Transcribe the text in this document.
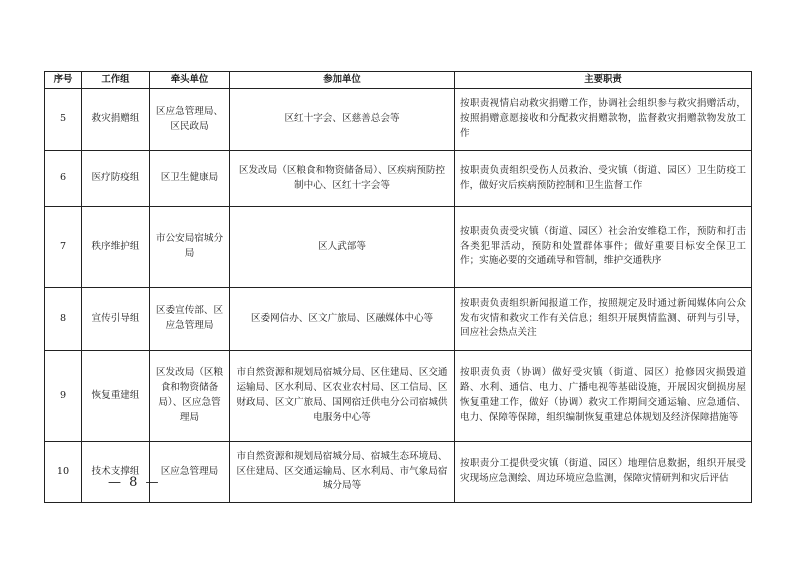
序号	工作组	牵头单位	参加单位	主要职责
5	救灾捐赠组	区应急管理局、区民政局	区红十字会、区慈善总会等	按职责视情启动救灾捐赠工作，协调社会组织参与救灾捐赠活动，按照捐赠意愿接收和分配救灾捐赠款物，监督救灾捐赠款物发放工作
6	医疗防疫组	区卫生健康局	区发改局（区粮食和物资储备局）、区疾病预防控制中心、区红十字会等	按职责负责组织受伤人员救治、受灾镇（街道、园区）卫生防疫工作，做好灾后疾病预防控制和卫生监督工作
7	秩序维护组	市公安局宿城分局	区人武部等	按职责负责受灾镇（街道、园区）社会治安维稳工作，预防和打击各类犯罪活动，预防和处置群体事件；做好重要目标安全保卫工作；实施必要的交通疏导和管制，维护交通秩序
8	宣传引导组	区委宣传部、区应急管理局	区委网信办、区文广旅局、区融媒体中心等	按职责负责组织新闻报道工作，按照规定及时通过新闻媒体向公众发布灾情和救灾工作有关信息；组织开展舆情监测、研判与引导，回应社会热点关注
9	恢复重建组	区发改局（区粮食和物资储备局）、区应急管理局	市自然资源和规划局宿城分局、区住建局、区交通运输局、区水利局、区农业农村局、区工信局、区财政局、区文广旅局、国网宿迁供电分公司宿城供电服务中心等	按职责负责（协调）做好受灾镇（街道、园区）抢修因灾损毁道路、水利、通信、电力、广播电视等基础设施，开展因灾倒损房屋恢复重建工作，做好（协调）救灾工作期间交通运输、应急通信、电力、保障等保障，组织编制恢复重建总体规划及经济保障措施等
10	技术支撑组	区应急管理局	市自然资源和规划局宿城分局、宿城生态环境局、区住建局、区交通运输局、区水利局、市气象局宿城分局等	按职责分工提供受灾镇（街道、园区）地理信息数据，组织开展受灾现场应急测绘、周边环境应急监测，保障灾情研判和灾后评估
— 8 —
